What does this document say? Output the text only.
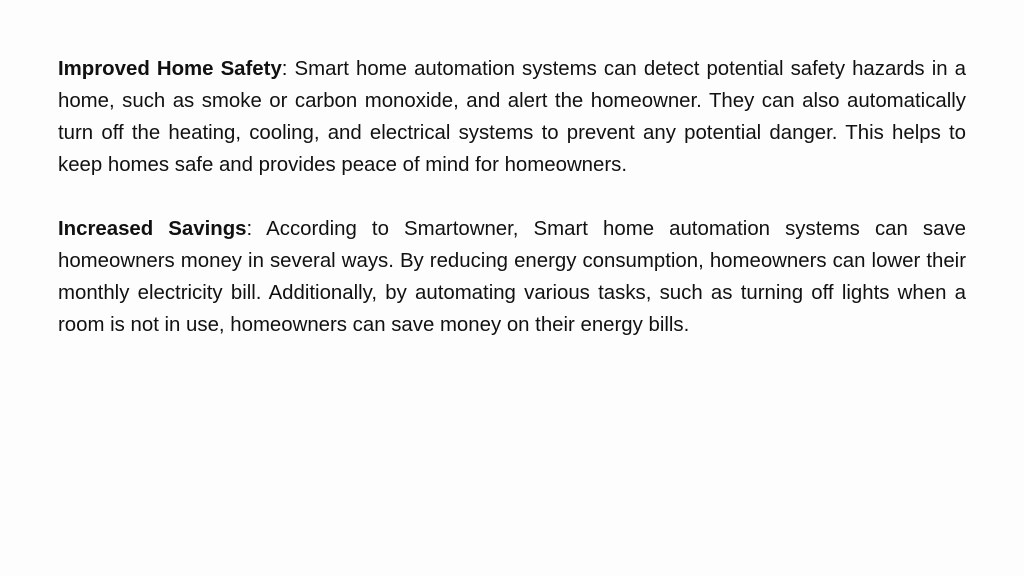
Improved Home Safety: Smart home automation systems can detect potential safety hazards in a home, such as smoke or carbon monoxide, and alert the homeowner. They can also automatically turn off the heating, cooling, and electrical systems to prevent any potential danger. This helps to keep homes safe and provides peace of mind for homeowners.

Increased Savings: According to Smartowner, Smart home automation systems can save homeowners money in several ways. By reducing energy consumption, homeowners can lower their monthly electricity bill. Additionally, by automating various tasks, such as turning off lights when a room is not in use, homeowners can save money on their energy bills.
